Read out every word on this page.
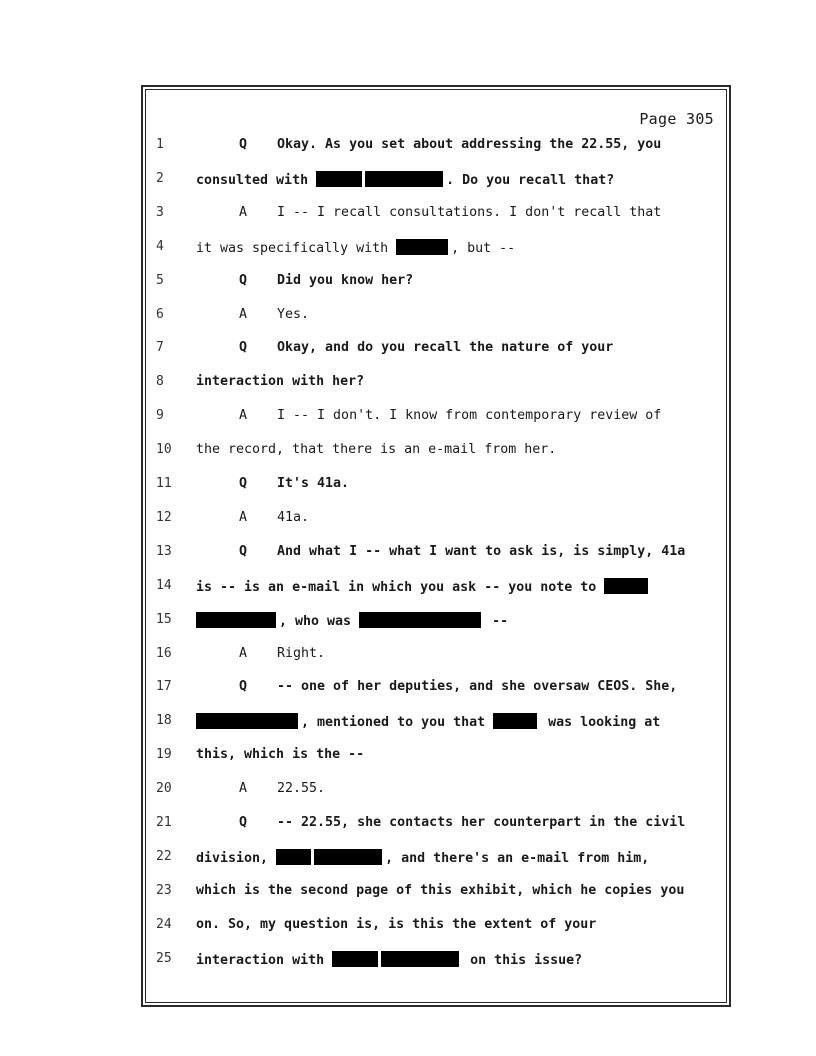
Page 305
1	Q Okay. As you set about addressing the 22.55, you
2	consulted with	. Do you recall that?
3	A I -- I recall consultations. I don't recall that
4	it was specifically with	, but --
5	Q Did you know her?
6	A Yes.
7	Q Okay, and do you recall the nature of your
8	interaction with her?
9	A I -- I don't. I know from contemporary review of
10	the record, that there is an e-mail from her.
11	Q It's 41a.
12	A 41a.
13	Q And what I -- what I want to ask is, is simply, 41a
14	is -- is an e-mail in which you ask -- you note to
15	, who was	--
16	A Right.
17	Q -- one of her deputies, and she oversaw CEOS. She,
18	, mentioned to you that	was looking at
19	this, which is the --
20	A 22.55.
21	Q -- 22.55, she contacts her counterpart in the civil
22	division,	, and there's an e-mail from him,
23	which is the second page of this exhibit, which he copies you
24	on. So, my question is, is this the extent of your
25	interaction with	on this issue?
